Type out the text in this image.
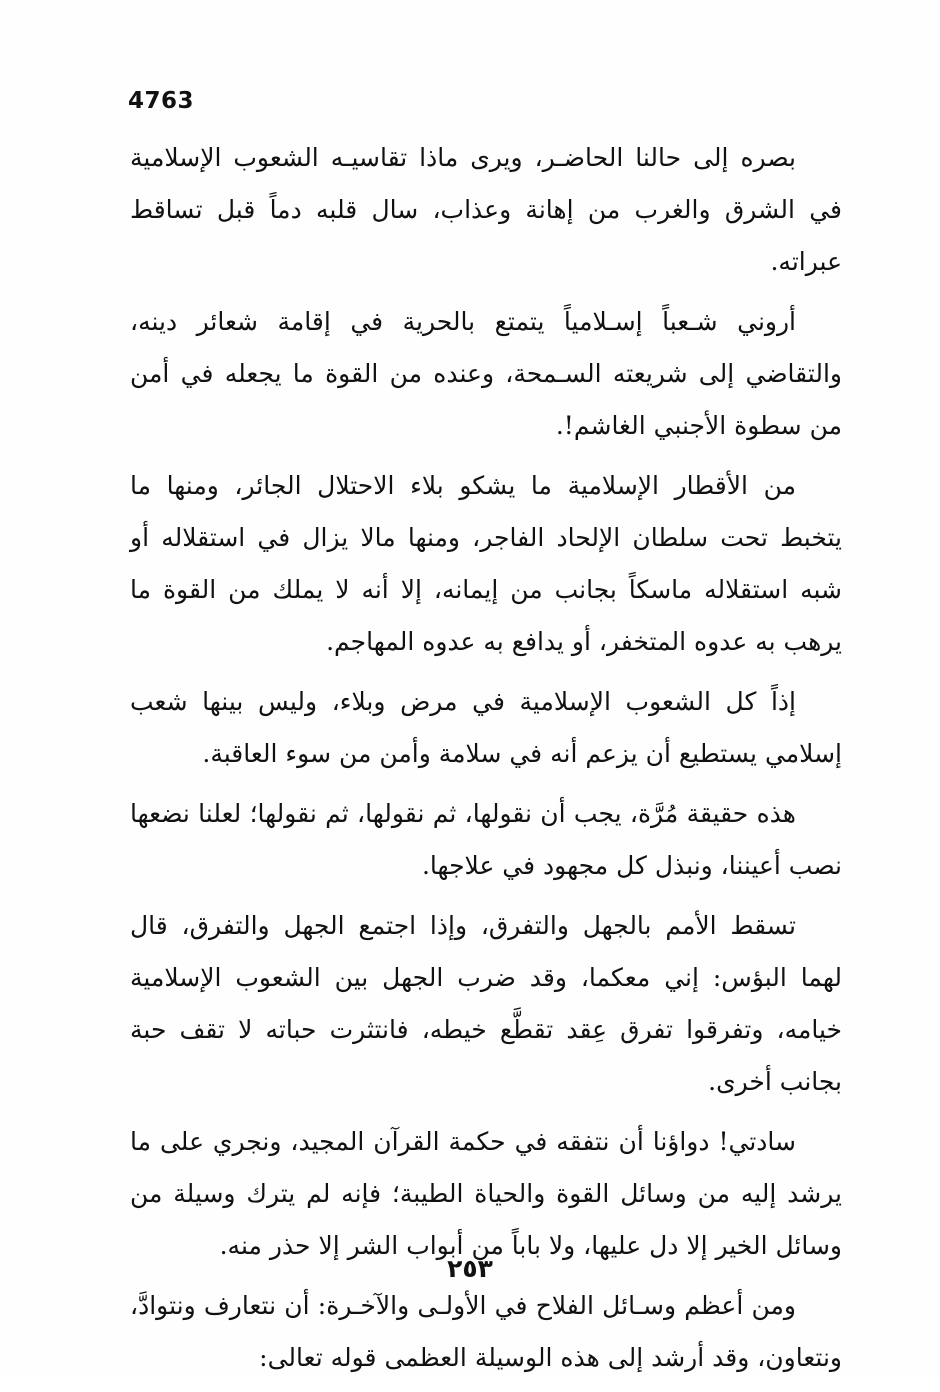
4763

بصره إلى حالنا الحاضـر، ويرى ماذا تقاسيـه الشعوب الإسلامية في الشرق والغرب من إهانة وعذاب، سال قلبه دماً قبل تساقط عبراته.

أروني شـعباً إسـلامياً يتمتع بالحرية في إقامة شعائر دينه، والتقاضي إلى شريعته السـمحة، وعنده من القوة ما يجعله في أمن من سطوة الأجنبي الغاشم!.

من الأقطار الإسلامية ما يشكو بلاء الاحتلال الجائر، ومنها ما يتخبط تحت سلطان الإلحاد الفاجر، ومنها مالا يزال في استقلاله أو شبه استقلاله ماسكاً بجانب من إيمانه، إلا أنه لا يملك من القوة ما يرهب به عدوه المتخفر، أو يدافع به عدوه المهاجم.

إذاً كل الشعوب الإسلامية في مرض وبلاء، وليس بينها شعب إسلامي يستطيع أن يزعم أنه في سلامة وأمن من سوء العاقبة.

هذه حقيقة مُرَّة، يجب أن نقولها، ثم نقولها، ثم نقولها؛ لعلنا نضعها نصب أعيننا، ونبذل كل مجهود في علاجها.

تسقط الأمم بالجهل والتفرق، وإذا اجتمع الجهل والتفرق، قال لهما البؤس: إني معكما، وقد ضرب الجهل بين الشعوب الإسلامية خيامه، وتفرقوا تفرق عِقد تقطَّع خيطه، فانتثرت حباته لا تقف حبة بجانب أخرى.

سادتي! دواؤنا أن نتفقه في حكمة القرآن المجيد، ونجري على ما يرشد إليه من وسائل القوة والحياة الطيبة؛ فإنه لم يترك وسيلة من وسائل الخير إلا دل عليها، ولا باباً من أبواب الشر إلا حذر منه.

ومن أعظم وسـائل الفلاح في الأولـى والآخـرة: أن نتعارف ونتوادَّ، ونتعاون، وقد أرشد إلى هذه الوسيلة العظمى قوله تعالى:

٢٥٣
